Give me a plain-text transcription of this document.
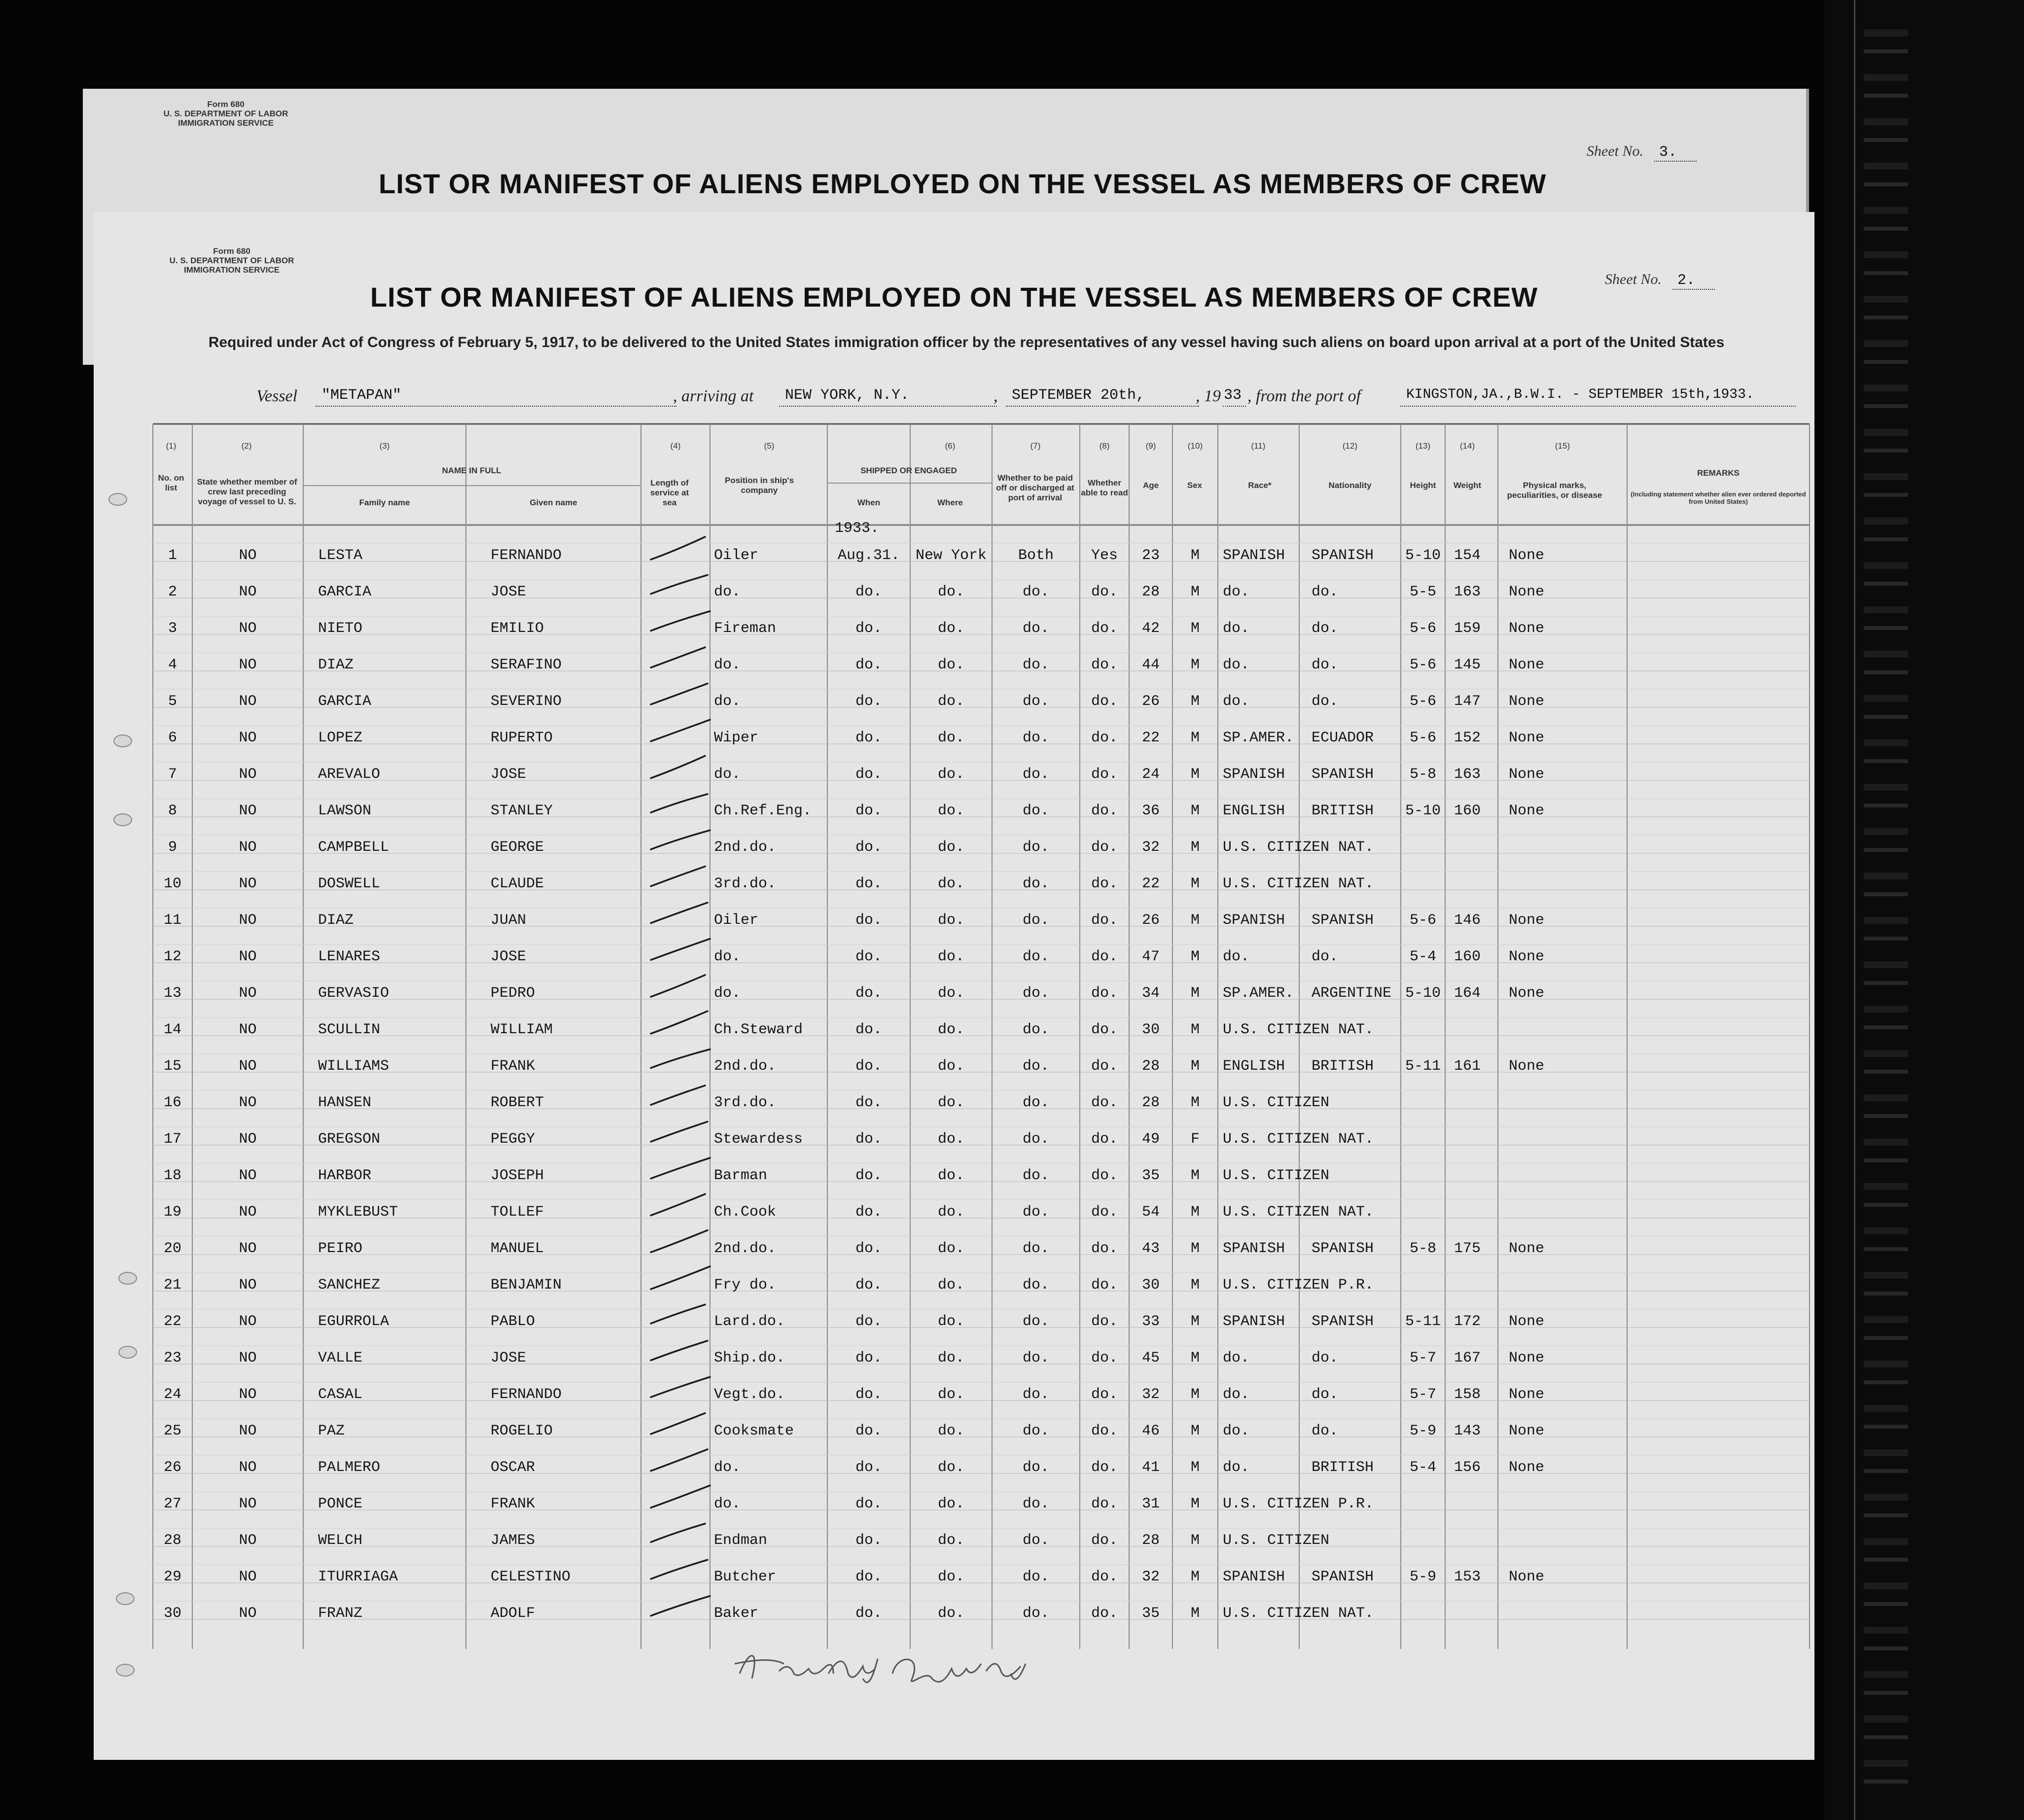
Form 680
U. S. DEPARTMENT OF LABOR
IMMIGRATION SERVICE
LIST OR MANIFEST OF ALIENS EMPLOYED ON THE VESSEL AS MEMBERS OF CREW
Sheet No. 3.
Form 680
U. S. DEPARTMENT OF LABOR
IMMIGRATION SERVICE
LIST OR MANIFEST OF ALIENS EMPLOYED ON THE VESSEL AS MEMBERS OF CREW
Sheet No. 2.
Required under Act of Congress of February 5, 1917, to be delivered to the United States immigration officer by the representatives of any vessel having such aliens on board upon arrival at a port of the United States
Vessel	"METAPAN"	, arriving at	NEW YORK, N.Y.	, SEPTEMBER 20th,	, 19 33 , from the port of	KINGSTON,JA.,B.W.I. - SEPTEMBER 15th,1933.
(1)	(2)	(3)	(4)	(5)	(6)	(7)	(8)	(9)	(10)	(11)	(12)	(13)	(14)	(15)
No. on list
State whether member of crew last preceding voyage of vessel to U. S.
NAME IN FULL
Family name	Given name
Length of service at sea
Position in ship's company
SHIPPED OR ENGAGED
When	Where
Whether to be paid off or discharged at port of arrival
Whether able to read
Age	Sex	Race*	Nationality	Height	Weight	Physical marks, peculiarities, or disease
REMARKS
(Including statement whether alien ever ordered deported from United States)
1933.
1	NO	LESTA	FERNANDO	Oiler	Aug.31.	New York	Both	Yes	23	M	SPANISH	SPANISH	5-10 154	None
2	NO	GARCIA	JOSE	do.	do.	do.	do.	do.	28	M	do.	do.	5-5	163	None
3	NO	NIETO	EMILIO	Fireman	do.	do.	do.	do.	42	M	do.	do.	5-6	159	None
4	NO	DIAZ	SERAFINO	do.	do.	do.	do.	do.	44	M	do.	do.	5-6	145	None
5	NO	GARCIA	SEVERINO	do.	do.	do.	do.	do.	26	M	do.	do.	5-6	147	None
6	NO	LOPEZ	RUPERTO	Wiper	do.	do.	do.	do.	22	M	SP.AMER.	ECUADOR	5-6	152	None
7	NO	AREVALO	JOSE	do.	do.	do.	do.	do.	24	M	SPANISH	SPANISH	5-8	163	None
8	NO	LAWSON	STANLEY	Ch.Ref.Eng.	do.	do.	do.	do.	36	M	ENGLISH	BRITISH	5-10 160	None
9	NO	CAMPBELL	GEORGE	2nd.do.	do.	do.	do.	do.	32	M	U.S. CITIZEN NAT.
10	NO	DOSWELL	CLAUDE	3rd.do.	do.	do.	do.	do.	22	M	U.S. CITIZEN NAT.
11	NO	DIAZ	JUAN	Oiler	do.	do.	do.	do.	26	M	SPANISH	SPANISH	5-6	146	None
12	NO	LENARES	JOSE	do.	do.	do.	do.	do.	47	M	do.	do.	5-4	160	None
13	NO	GERVASIO	PEDRO	do.	do.	do.	do.	do.	34	M	SP.AMER.	ARGENTINE 5-10 164	None
14	NO	SCULLIN	WILLIAM	Ch.Steward	do.	do.	do.	do.	30	M	U.S. CITIZEN NAT.
15	NO	WILLIAMS	FRANK	2nd.do.	do.	do.	do.	do.	28	M	ENGLISH	BRITISH	5-11 161	None
16	NO	HANSEN	ROBERT	3rd.do.	do.	do.	do.	do.	28	M	U.S. CITIZEN
17	NO	GREGSON	PEGGY	Stewardess	do.	do.	do.	do.	49	F	U.S. CITIZEN NAT.
18	NO	HARBOR	JOSEPH	Barman	do.	do.	do.	do.	35	M	U.S. CITIZEN
19	NO	MYKLEBUST	TOLLEF	Ch.Cook	do.	do.	do.	do.	54	M	U.S. CITIZEN NAT.
20	NO	PEIRO	MANUEL	2nd.do.	do.	do.	do.	do.	43	M	SPANISH	SPANISH	5-8	175	None
21	NO	SANCHEZ	BENJAMIN	Fry do.	do.	do.	do.	do.	30	M	U.S. CITIZEN P.R.
22	NO	EGURROLA	PABLO	Lard.do.	do.	do.	do.	do.	33	M	SPANISH	SPANISH	5-11 172	None
23	NO	VALLE	JOSE	Ship.do.	do.	do.	do.	do.	45	M	do.	do.	5-7	167	None
24	NO	CASAL	FERNANDO	Vegt.do.	do.	do.	do.	do.	32	M	do.	do.	5-7	158	None
25	NO	PAZ	ROGELIO	Cooksmate	do.	do.	do.	do.	46	M	do.	do.	5-9	143	None
26	NO	PALMERO	OSCAR	do.	do.	do.	do.	do.	41	M	do.	BRITISH	5-4	156	None
27	NO	PONCE	FRANK	do.	do.	do.	do.	do.	31	M	U.S. CITIZEN P.R.
28	NO	WELCH	JAMES	Endman	do.	do.	do.	do.	28	M	U.S. CITIZEN
29	NO	ITURRIAGA	CELESTINO	Butcher	do.	do.	do.	do.	32	M	SPANISH	SPANISH	5-9	153	None
30	NO	FRANZ	ADOLF	Baker	do.	do.	do.	do.	35	M	U.S. CITIZEN NAT.
